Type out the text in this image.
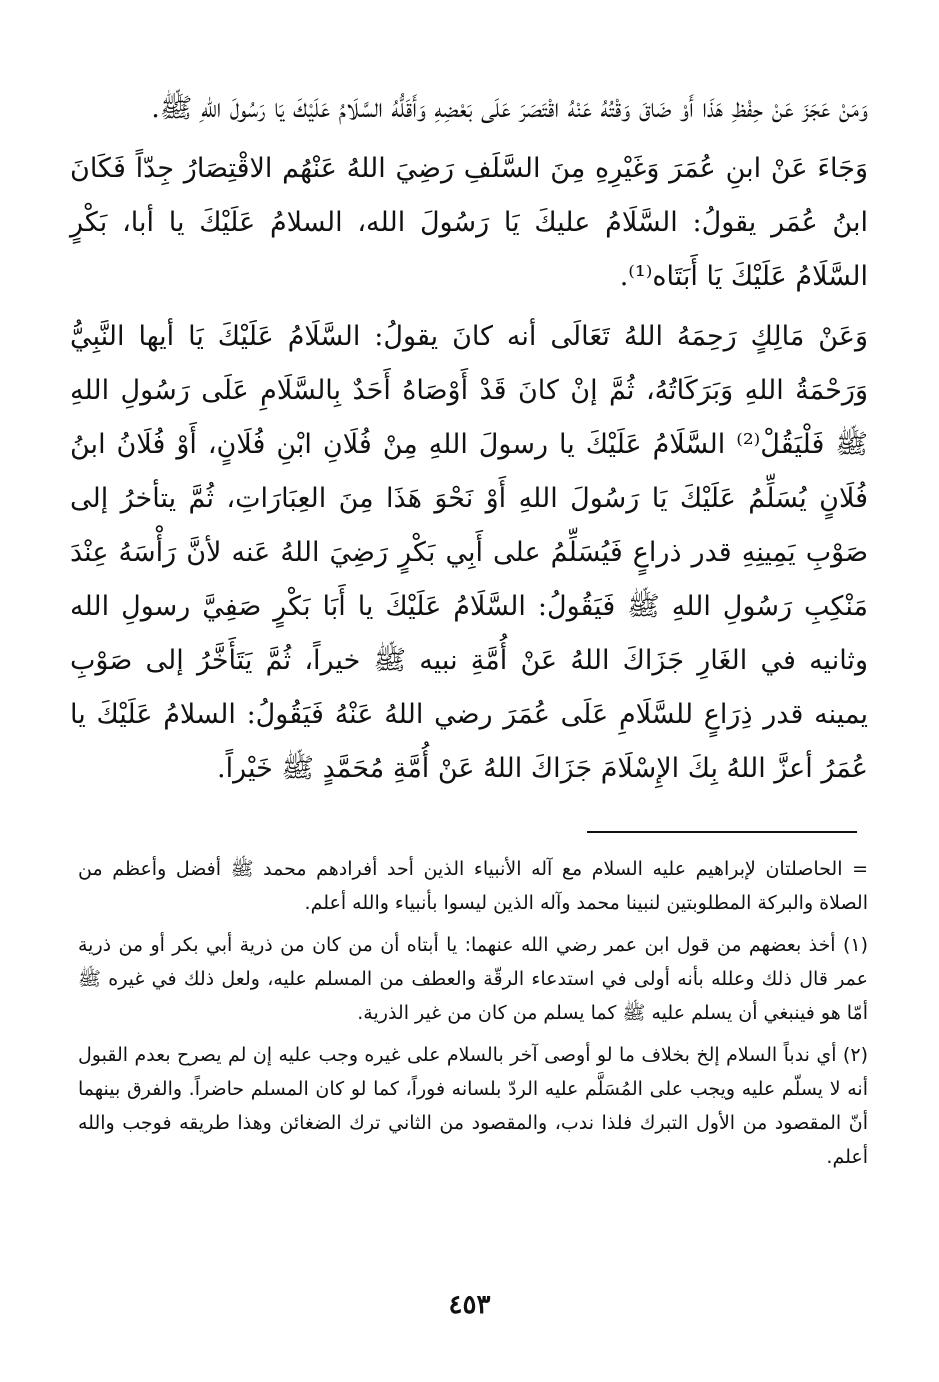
وَمَنْ عَجَزَ عَنْ حِفْظِ هَذَا أَوْ ضَاقَ وَقْتُهُ عَنْهُ اقْتَصَرَ عَلَى بَعْضِهِ وَأَقَلُّهُ السَّلَامُ عَلَيْكَ يَا رَسُولَ اللهِ ﷺ.

وَجَاءَ عَنْ ابنِ عُمَرَ وَغَيْرِهِ مِنَ السَّلَفِ رَضِيَ اللهُ عَنْهُم الاقْتِصَارُ جِدّاً فَكَانَ ابنُ عُمَر يقولُ: السَّلَامُ عليكَ يَا رَسُولَ الله، السلامُ عَلَيْكَ يا أبا، بَكْرٍ السَّلَامُ عَلَيْكَ يَا أَبَتَاه⁽¹⁾.

وَعَنْ مَالِكٍ رَحِمَهُ اللهُ تَعَالَى أنه كانَ يقولُ: السَّلَامُ عَلَيْكَ يَا أيها النَّبِيُّ وَرَحْمَةُ اللهِ وَبَرَكَاتُهُ، ثُمَّ إنْ كانَ قَدْ أَوْصَاهُ أَحَدٌ بِالسَّلَامِ عَلَى رَسُولِ اللهِ ﷺ فَلْيَقُلْ⁽²⁾ السَّلَامُ عَلَيْكَ يا رسولَ اللهِ مِنْ فُلَانِ ابْنِ فُلَانٍ، أَوْ فُلَانُ ابنُ فُلَانٍ يُسَلِّمُ عَلَيْكَ يَا رَسُولَ اللهِ أَوْ نَحْوَ هَذَا مِنَ العِبَارَاتِ، ثُمَّ يتأخرُ إلى صَوْبِ يَمِينِهِ قدر ذراعٍ فَيُسَلِّمُ على أَبِي بَكْرٍ رَضِيَ اللهُ عَنه لأنَّ رَأْسَهُ عِنْدَ مَنْكِبِ رَسُولِ اللهِ ﷺ فَيَقُولُ: السَّلَامُ عَلَيْكَ يا أَبَا بَكْرٍ صَفِيَّ رسولِ الله وثانيه في الغَارِ جَزَاكَ اللهُ عَنْ أُمَّةِ نبيه ﷺ خيراً، ثُمَّ يَتَأَخَّرُ إلى صَوْبِ يمينه قدر ذِرَاعٍ للسَّلَامِ عَلَى عُمَرَ رضي اللهُ عَنْهُ فَيَقُولُ: السلامُ عَلَيْكَ يا عُمَرُ أعزَّ اللهُ بِكَ الإِسْلَامَ جَزَاكَ اللهُ عَنْ أُمَّةِ مُحَمَّدٍ ﷺ خَيْراً.

= الحاصلتان لإبراهيم عليه السلام مع آله الأنبياء الذين أحد أفرادهم محمد ﷺ أفضل وأعظم من الصلاة والبركة المطلوبتين لنبينا محمد وآله الذين ليسوا بأنبياء والله أعلم.

(١) أخذ بعضهم من قول ابن عمر رضي الله عنهما: يا أبتاه أن من كان من ذرية أبي بكر أو من ذرية عمر قال ذلك وعلله بأنه أولى في استدعاء الرقّة والعطف من المسلم عليه، ولعل ذلك في غيره ﷺ أمّا هو فينبغي أن يسلم عليه ﷺ كما يسلم من كان من غير الذرية.

(٢) أي ندباً السلام إلخ بخلاف ما لو أوصى آخر بالسلام على غيره وجب عليه إن لم يصرح بعدم القبول أنه لا يسلّم عليه ويجب على المُسَلَّم عليه الردّ بلسانه فوراً، كما لو كان المسلم حاضراً. والفرق بينهما أنّ المقصود من الأول التبرك فلذا ندب، والمقصود من الثاني ترك الضغائن وهذا طريقه فوجب والله أعلم.

٤٥٣
